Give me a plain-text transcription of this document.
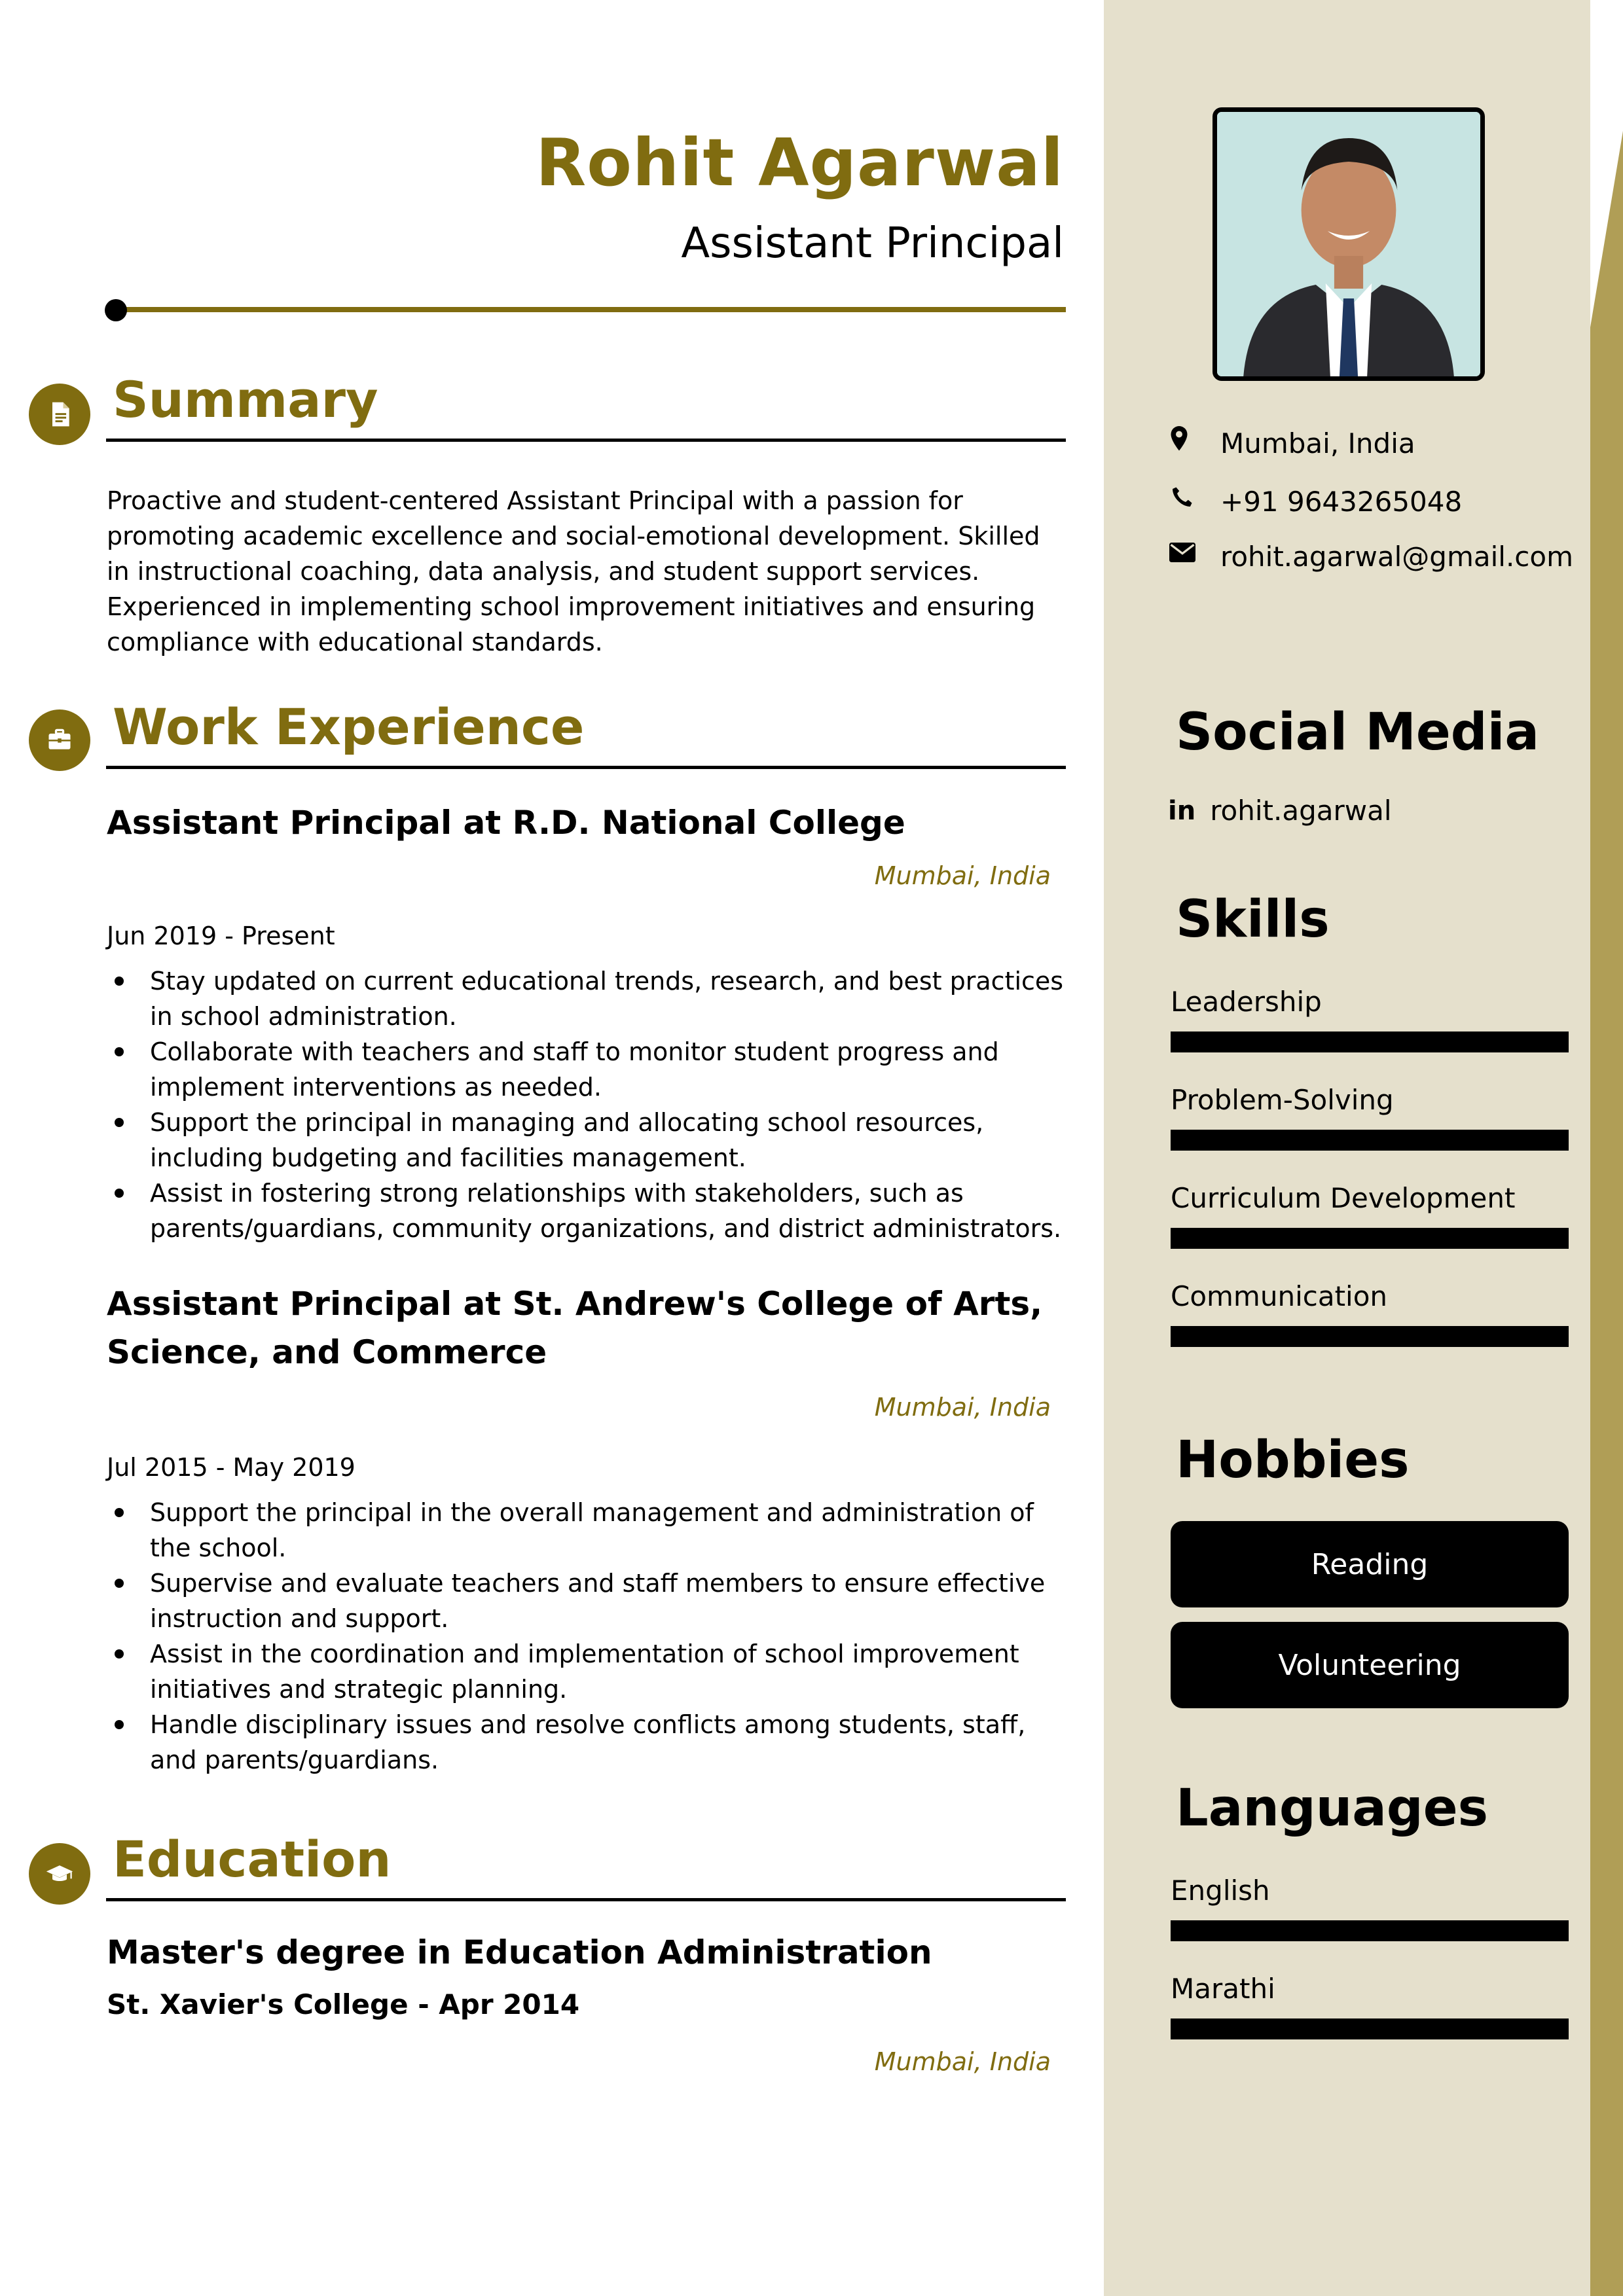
Rohit Agarwal
Assistant Principal
Summary
Proactive and student-centered Assistant Principal with a passion for promoting academic excellence and social-emotional development. Skilled in instructional coaching, data analysis, and student support services. Experienced in implementing school improvement initiatives and ensuring compliance with educational standards.
Work Experience
Assistant Principal at R.D. National College
Mumbai, India
Jun 2019 - Present
Stay updated on current educational trends, research, and best practices in school administration.
Collaborate with teachers and staff to monitor student progress and implement interventions as needed.
Support the principal in managing and allocating school resources, including budgeting and facilities management.
Assist in fostering strong relationships with stakeholders, such as parents/guardians, community organizations, and district administrators.
Assistant Principal at St. Andrew's College of Arts, Science, and Commerce
Mumbai, India
Jul 2015 - May 2019
Support the principal in the overall management and administration of the school.
Supervise and evaluate teachers and staff members to ensure effective instruction and support.
Assist in the coordination and implementation of school improvement initiatives and strategic planning.
Handle disciplinary issues and resolve conflicts among students, staff, and parents/guardians.
Education
Master's degree in Education Administration
St. Xavier's College - Apr 2014
Mumbai, India
Mumbai, India
+91 9643265048
rohit.agarwal@gmail.com
Social Media
in rohit.agarwal
Skills
Leadership
Problem-Solving
Curriculum Development
Communication
Hobbies
Reading
Volunteering
Languages
English
Marathi
